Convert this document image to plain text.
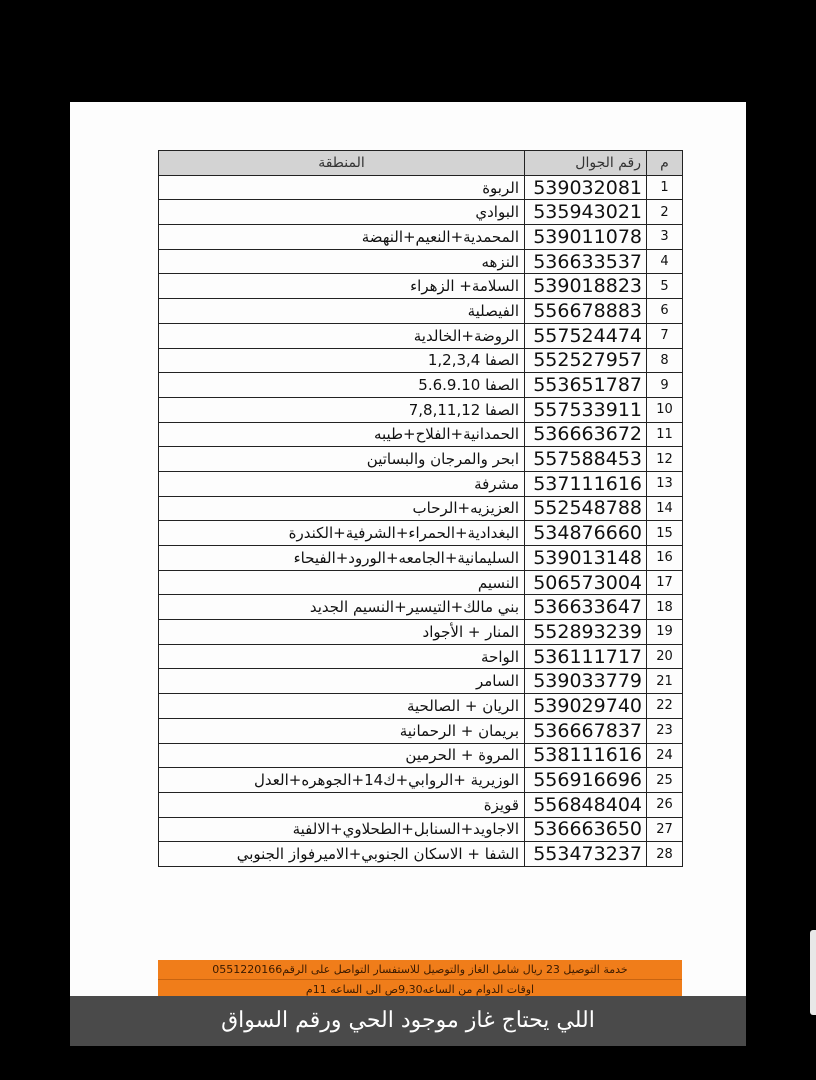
م	رقم الجوال	المنطقة
1	539032081	الربوة
2	535943021	البوادي
3	539011078	المحمدية+النعيم+النهضة
4	536633537	النزهه
5	539018823	السلامة+ الزهراء
6	556678883	الفيصلية
7	557524474	الروضة+الخالدية
8	552527957	الصفا 1,2,3,4
9	553651787	الصفا 5.6.9.10
10	557533911	الصفا 7,8,11,12
11	536663672	الحمدانية+الفلاح+طيبه
12	557588453	ابحر والمرجان والبساتين
13	537111616	مشرفة
14	552548788	العزيزيه+الرحاب
15	534876660	البغدادية+الحمراء+الشرفية+الكندرة
16	539013148	السليمانية+الجامعه+الورود+الفيحاء
17	506573004	النسيم
18	536633647	بني مالك+التيسير+النسيم الجديد
19	552893239	المنار + الأجواد
20	536111717	الواحة
21	539033779	السامر
22	539029740	الريان + الصالحية
23	536667837	بريمان + الرحمانية
24	538111616	المروة + الحرمين
25	556916696	الوزيرية +الروابي+ك14+الجوهره+العدل
26	556848404	قويزة
27	536663650	الاجاويد+السنابل+الطحلاوي+الالفية
28	553473237	الشفا + الاسكان الجنوبي+الاميرفواز الجنوبي
خدمة التوصيل 23 ريال شامل الغاز والتوصيل للاستفسار التواصل على الرقم0551220166
اوقات الدوام من الساعه9,30ص الى الساعه 11م
اللي يحتاج غاز موجود الحي ورقم السواق
